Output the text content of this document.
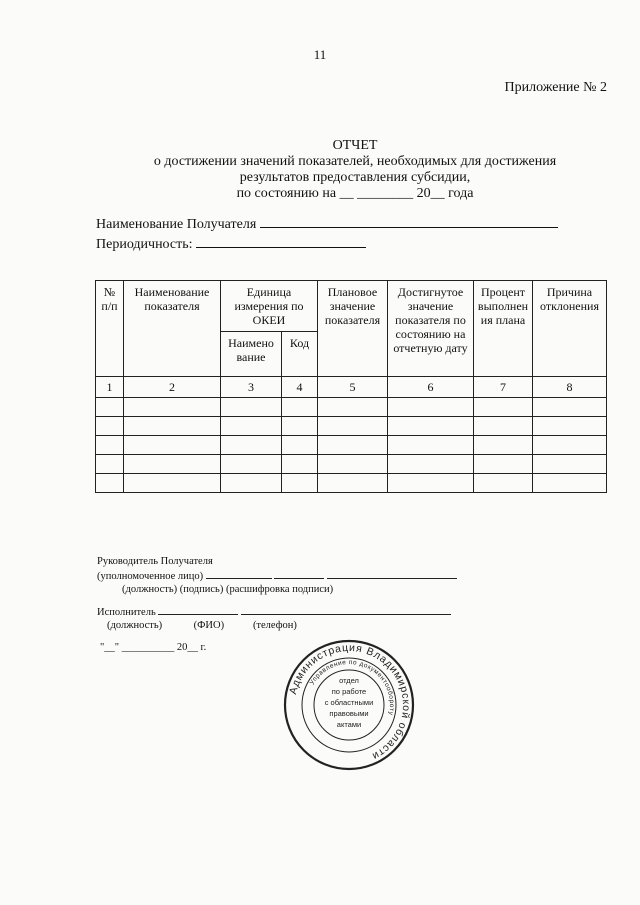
11
Приложение № 2
ОТЧЕТ
о достижении значений показателей, необходимых для достижения
результатов предоставления субсидии,
по состоянию на __ ________ 20__ года
Наименование Получателя
Периодичность:
№ п/п	Наименование показателя	Единица измерения по ОКЕИ		Плановое значение показателя	Достигнутое значение показателя по состоянию на отчетную дату	Процент выполнен ия плана	Причина отклонения
		Наимено вание	Код				
1	2	3	4	5	6	7	8

Руководитель Получателя
(уполномоченное лицо)
(должность) (подпись) (расшифровка подписи)
Исполнитель
(должность)            (ФИО)           (телефон)
"__" __________ 20__ г.
Администрация Владимирской области
Управление по документообороту
отдел
по работе
с областными
правовыми
актами
